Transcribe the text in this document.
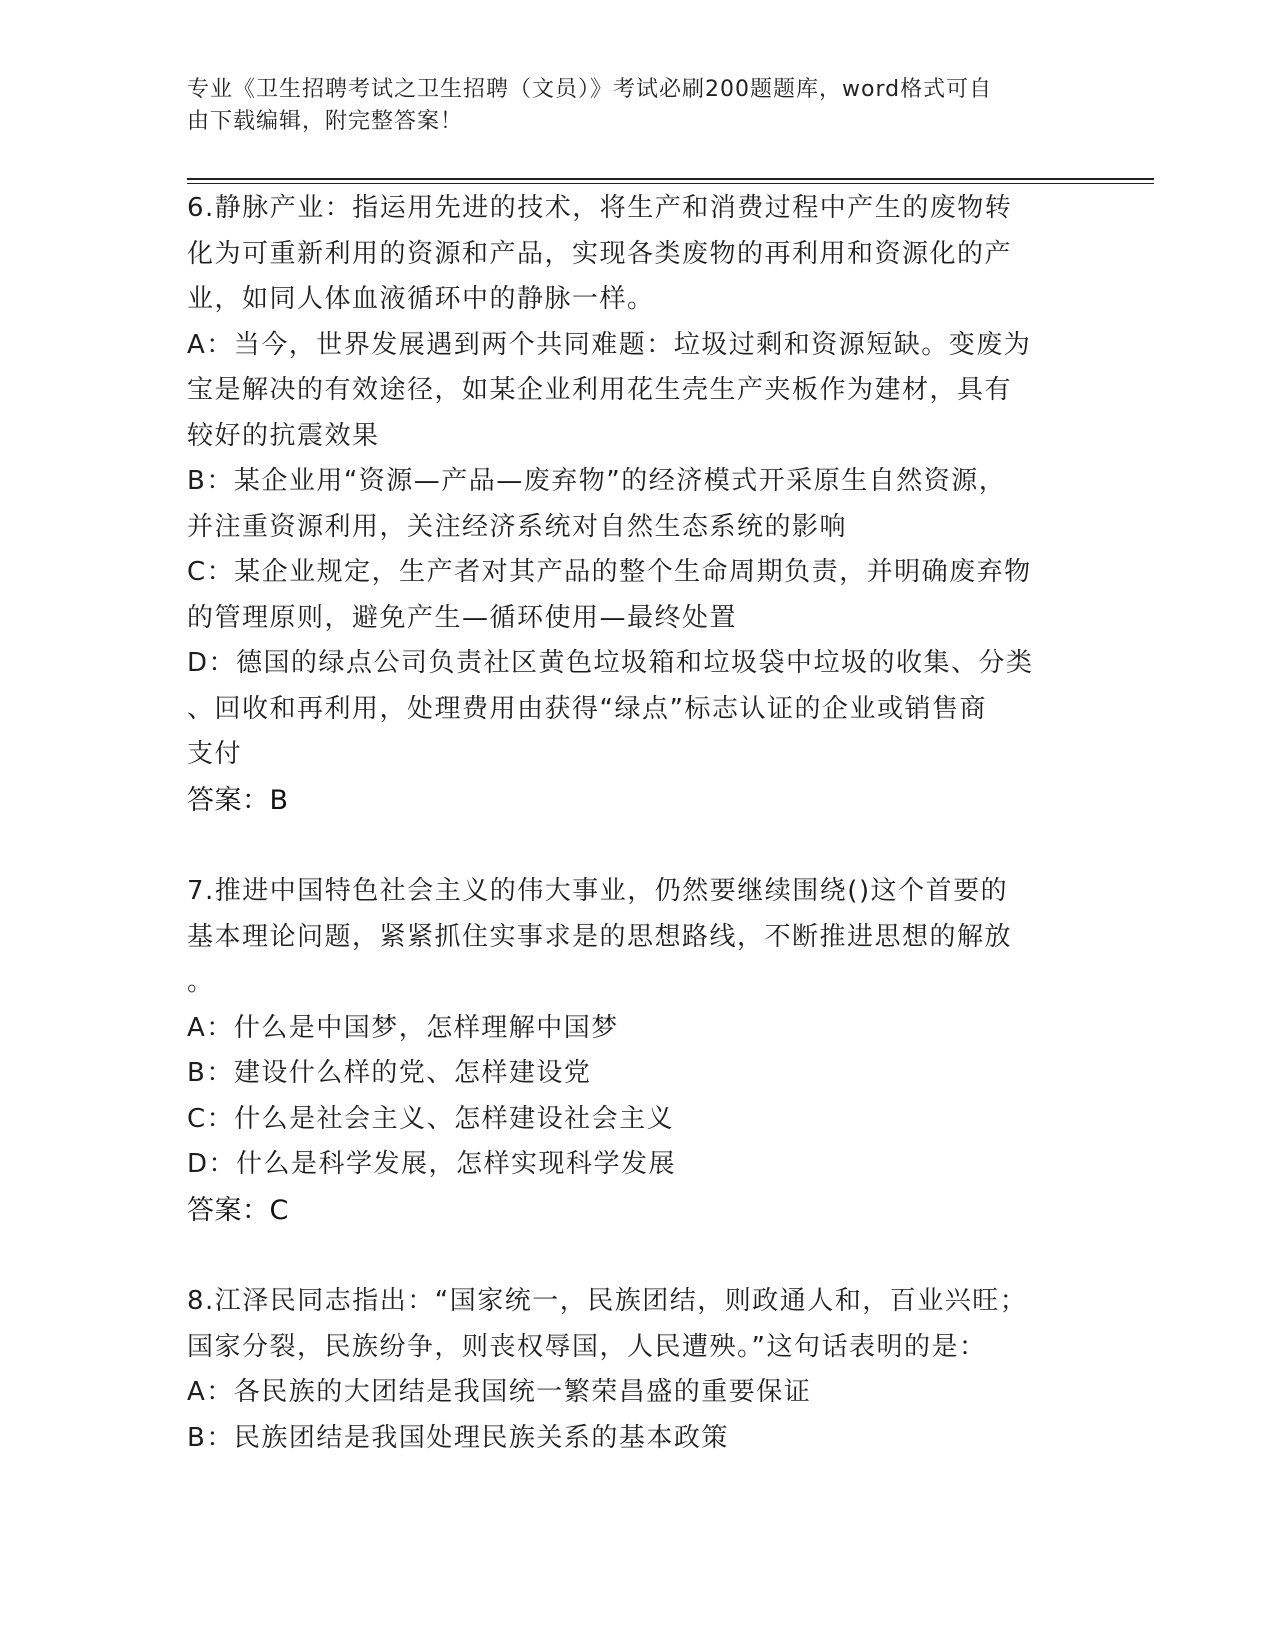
专业《卫生招聘考试之卫生招聘（文员）》考试必刷200题题库，word格式可自
由下载编辑，附完整答案！
6.静脉产业：指运用先进的技术，将生产和消费过程中产生的废物转
化为可重新利用的资源和产品，实现各类废物的再利用和资源化的产
业，如同人体血液循环中的静脉一样。
A：当今，世界发展遇到两个共同难题：垃圾过剩和资源短缺。变废为
宝是解决的有效途径，如某企业利用花生壳生产夹板作为建材，具有
较好的抗震效果
B：某企业用“资源—产品—废弃物”的经济模式开采原生自然资源，
并注重资源利用，关注经济系统对自然生态系统的影响
C：某企业规定，生产者对其产品的整个生命周期负责，并明确废弃物
的管理原则，避免产生—循环使用—最终处置
D：德国的绿点公司负责社区黄色垃圾箱和垃圾袋中垃圾的收集、分类
、回收和再利用，处理费用由获得“绿点”标志认证的企业或销售商
支付
答案：B
7.推进中国特色社会主义的伟大事业，仍然要继续围绕()这个首要的
基本理论问题，紧紧抓住实事求是的思想路线，不断推进思想的解放
。
A：什么是中国梦，怎样理解中国梦
B：建设什么样的党、怎样建设党
C：什么是社会主义、怎样建设社会主义
D：什么是科学发展，怎样实现科学发展
答案：C
8.江泽民同志指出：“国家统一，民族团结，则政通人和，百业兴旺；
国家分裂，民族纷争，则丧权辱国，人民遭殃。”这句话表明的是：
A：各民族的大团结是我国统一繁荣昌盛的重要保证
B：民族团结是我国处理民族关系的基本政策
